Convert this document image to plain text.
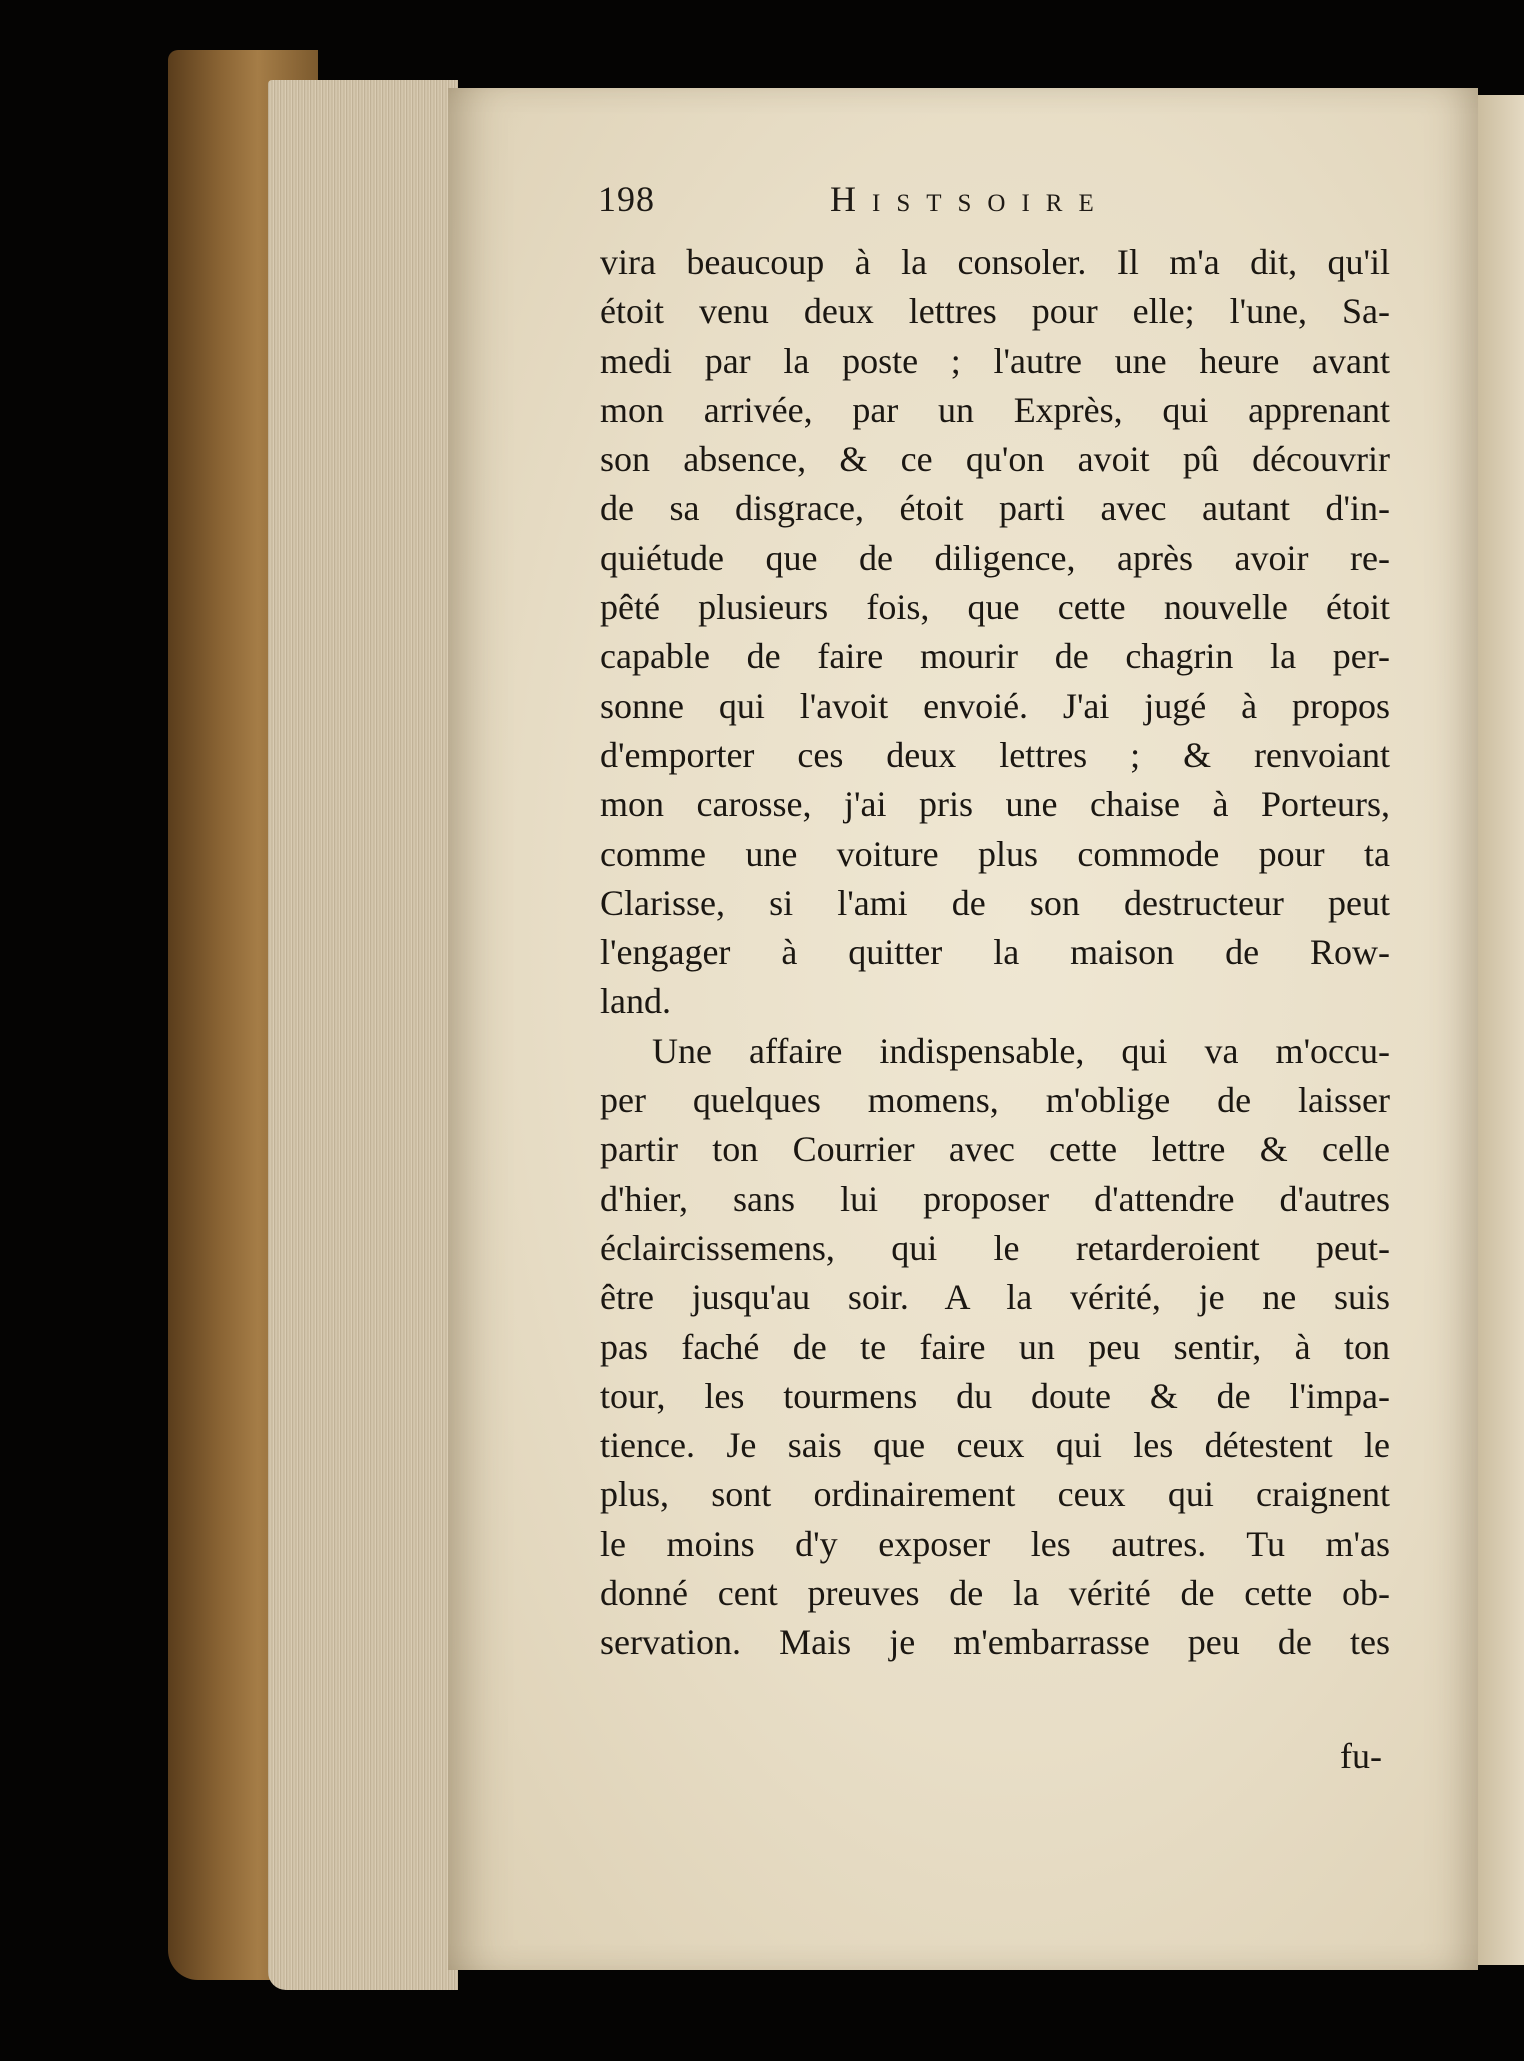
198	Histsoire
vira beaucoup à la consoler. Il m'a dit, qu'il
étoit venu deux lettres pour elle; l'une, Sa-
medi par la poste ; l'autre une heure avant
mon arrivée, par un Exprès, qui apprenant
son absence, & ce qu'on avoit pû découvrir
de sa disgrace, étoit parti avec autant d'in-
quiétude que de diligence, après avoir re-
pêté plusieurs fois, que cette nouvelle étoit
capable de faire mourir de chagrin la per-
sonne qui l'avoit envoié. J'ai jugé à propos
d'emporter ces deux lettres ; & renvoiant
mon carosse, j'ai pris une chaise à Porteurs,
comme une voiture plus commode pour ta
Clarisse, si l'ami de son destructeur peut
l'engager à quitter la maison de Row-
land.
Une affaire indispensable, qui va m'occu-
per quelques momens, m'oblige de laisser
partir ton Courrier avec cette lettre & celle
d'hier, sans lui proposer d'attendre d'autres
éclaircissemens, qui le retarderoient peut-
être jusqu'au soir. A la vérité, je ne suis
pas faché de te faire un peu sentir, à ton
tour, les tourmens du doute & de l'impa-
tience. Je sais que ceux qui les détestent le
plus, sont ordinairement ceux qui craignent
le moins d'y exposer les autres. Tu m'as
donné cent preuves de la vérité de cette ob-
servation. Mais je m'embarrasse peu de tes
fu-
